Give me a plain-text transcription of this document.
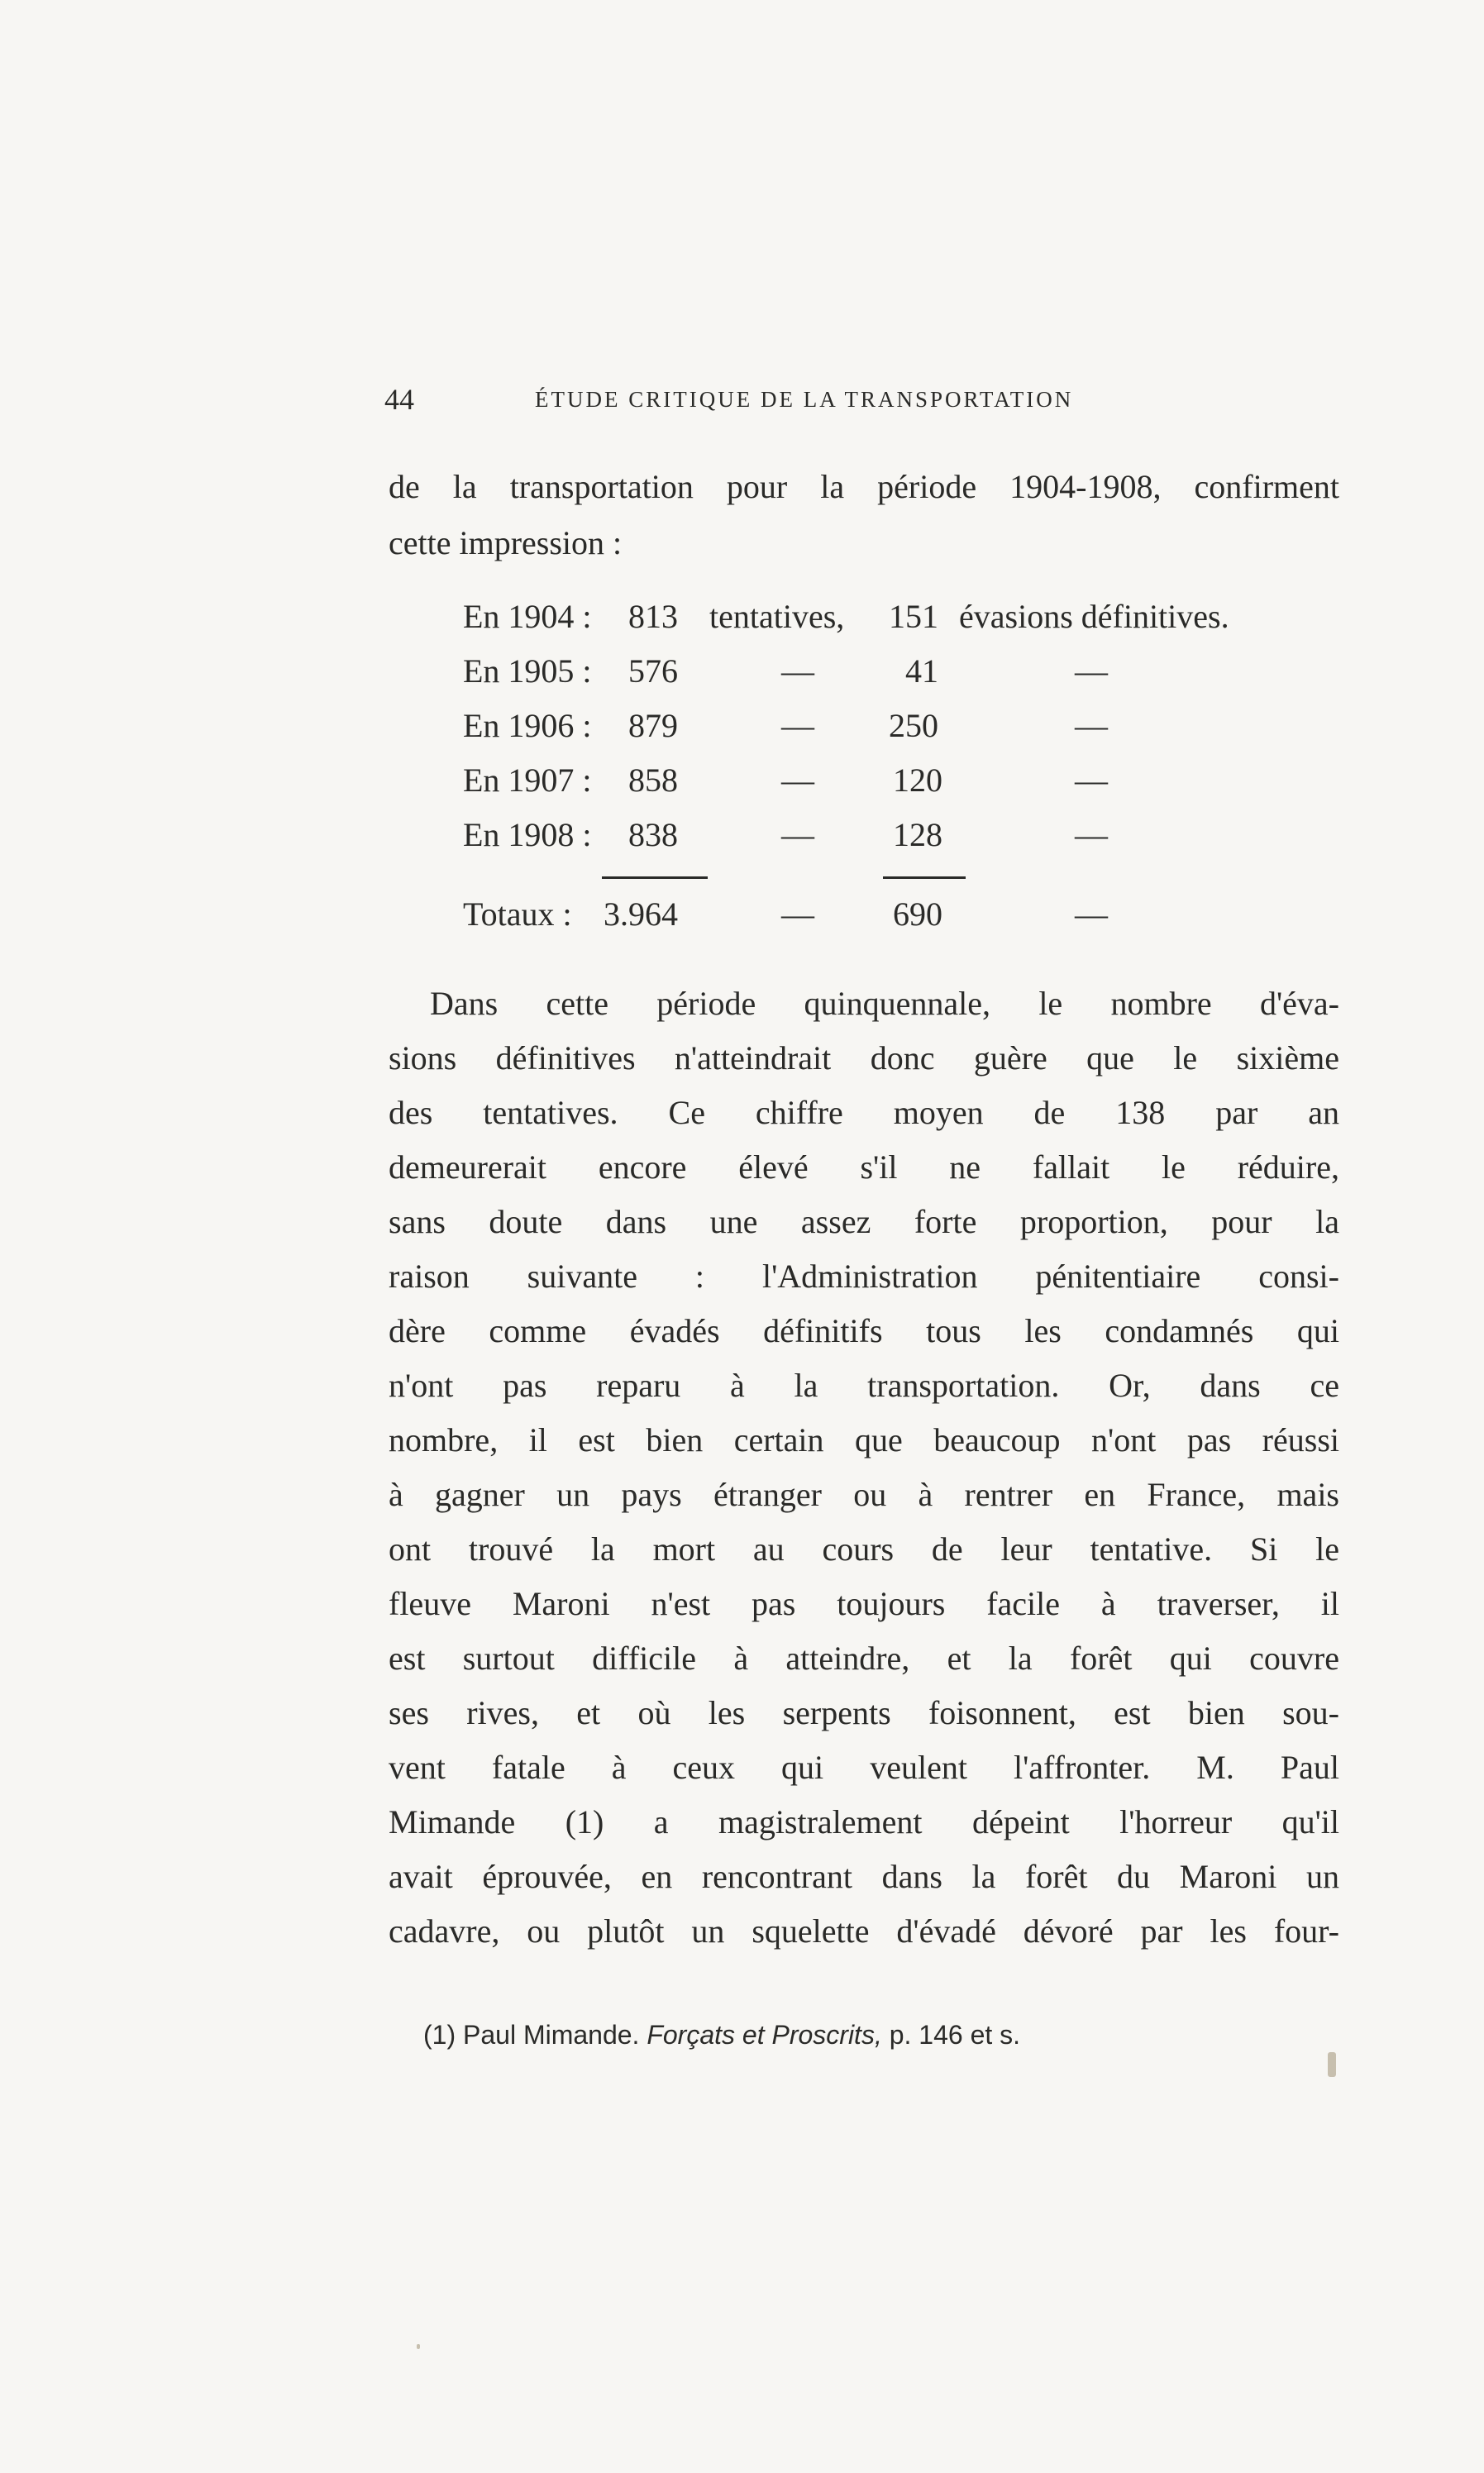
44	ÉTUDE CRITIQUE DE LA TRANSPORTATION
de la transportation pour la période 1904-1908, confirment
cette impression :
En 1904 : 813 tentatives, 151 évasions définitives.
En 1905 : 576	—	41	—
En 1906 : 879	— 250	—
En 1907 : 858	— 120	—
En 1908 : 838	— 128	—
Totaux : 3.964	— 690	—
Dans cette période quinquennale, le nombre d'éva-
sions définitives n'atteindrait donc guère que le sixième
des tentatives. Ce chiffre moyen de 138 par an
demeurerait encore élevé s'il ne fallait le réduire,
sans doute dans une assez forte proportion, pour la
raison suivante : l'Administration pénitentiaire consi-
dère comme évadés définitifs tous les condamnés qui
n'ont pas reparu à la transportation. Or, dans ce
nombre, il est bien certain que beaucoup n'ont pas réussi
à gagner un pays étranger ou à rentrer en France, mais
ont trouvé la mort au cours de leur tentative. Si le
fleuve Maroni n'est pas toujours facile à traverser, il
est surtout difficile à atteindre, et la forêt qui couvre
ses rives, et où les serpents foisonnent, est bien sou-
vent fatale à ceux qui veulent l'affronter. M. Paul
Mimande (1) a magistralement dépeint l'horreur qu'il
avait éprouvée, en rencontrant dans la forêt du Maroni un
cadavre, ou plutôt un squelette d'évadé dévoré par les four-
(1) Paul Mimande. Forçats et Proscrits, p. 146 et s.
